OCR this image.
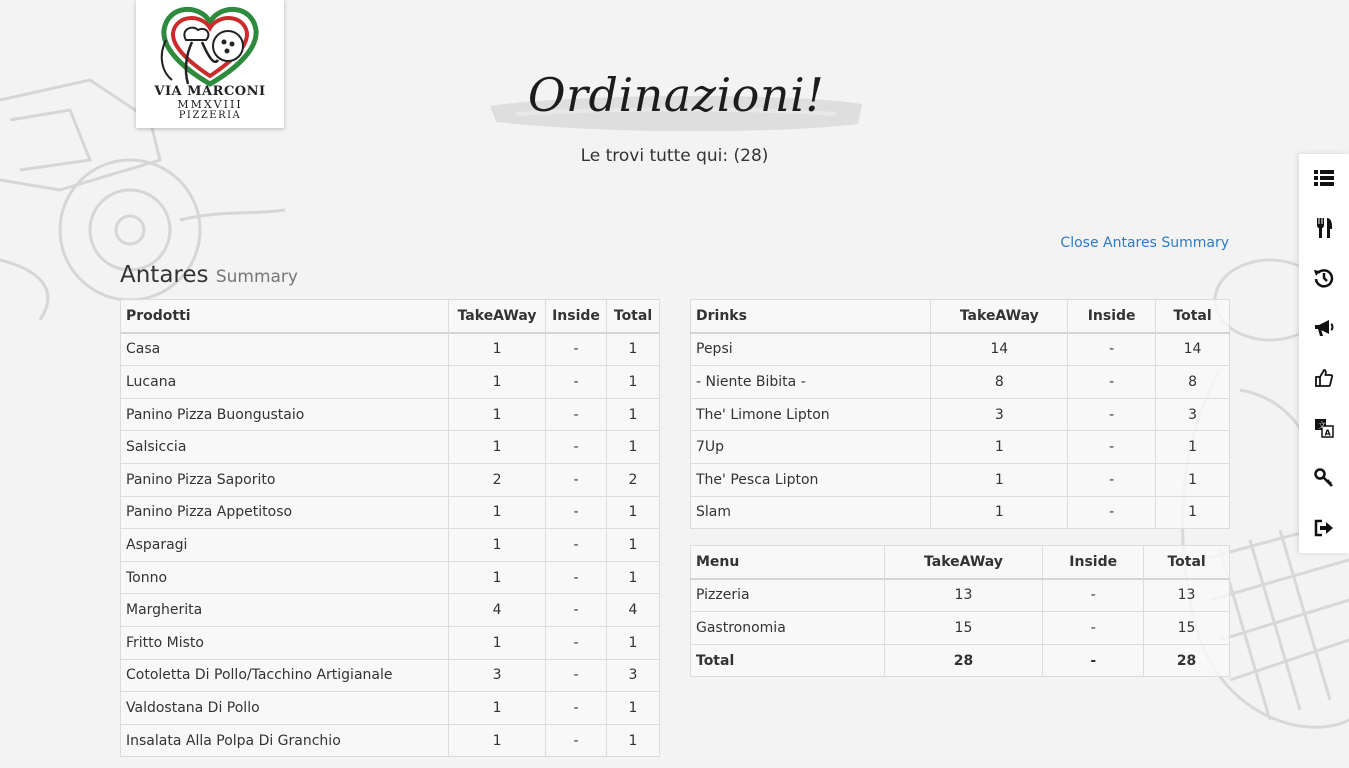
VIA MARCONI
MMXVIII
PIZZERIA	Ordinazioni!
Le trovi tutte qui: (28)
Close Antares Summary
Antares Summary
Prodotti	TakeAWay	Inside	Total
Casa	1	-	1
Lucana	1	-	1
Panino Pizza Buongustaio	1	-	1
Salsiccia	1	-	1
Panino Pizza Saporito	2	-	2
Panino Pizza Appetitoso	1	-	1
Asparagi	1	-	1
Tonno	1	-	1
Margherita	4	-	4
Fritto Misto	1	-	1
Cotoletta Di Pollo/Tacchino Artigianale	3	-	3
Valdostana Di Pollo	1	-	1
Insalata Alla Polpa Di Granchio	1	-	1
Drinks	TakeAWay	Inside	Total
Pepsi	14	-	14
- Niente Bibita -	8	-	8
The' Limone Lipton	3	-	3
7Up	1	-	1
The' Pesca Lipton	1	-	1
Slam	1	-	1
Menu	TakeAWay	Inside	Total
Pizzeria	13	-	13
Gastronomia	15	-	15
Total	28	-	28
文
A
